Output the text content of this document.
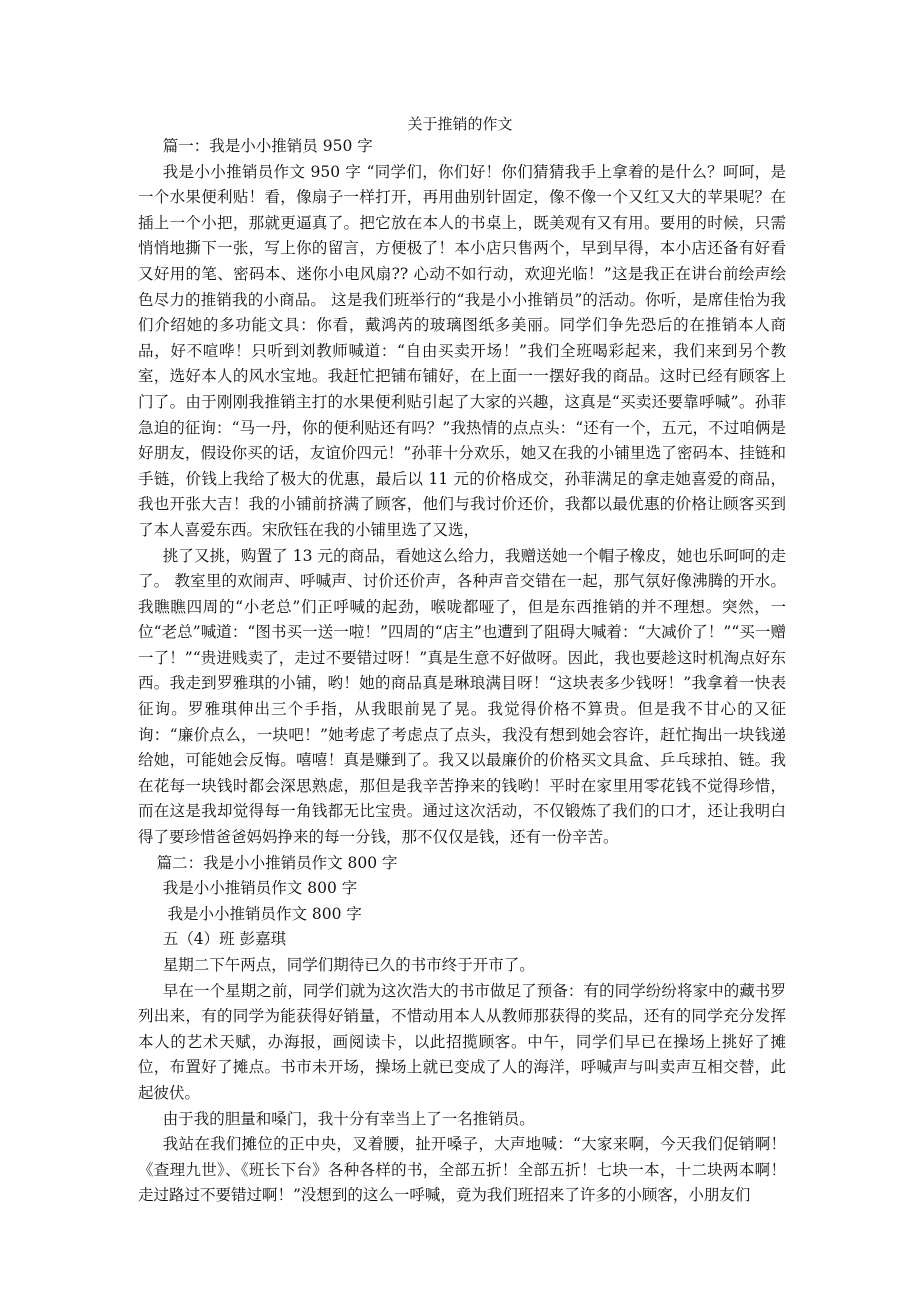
关于推销的作文

篇一：我是小小推销员 950 字

我是小小推销员作文 950 字 “同学们，你们好！你们猜猜我手上拿着的是什么？呵呵，是一个水果便利贴！看，像扇子一样打开，再用曲别针固定，像不像一个又红又大的苹果呢？在插上一个小把，那就更逼真了。把它放在本人的书桌上，既美观有又有用。要用的时候，只需悄悄地撕下一张，写上你的留言，方便极了！本小店只售两个，早到早得，本小店还备有好看又好用的笔、密码本、迷你小电风扇?? 心动不如行动，欢迎光临！”这是我正在讲台前绘声绘色尽力的推销我的小商品。 这是我们班举行的“我是小小推销员”的活动。你听，是席佳怡为我们介绍她的多功能文具：你看，戴鸿芮的玻璃图纸多美丽。同学们争先恐后的在推销本人商品，好不喧哗！只听到刘教师喊道：“自由买卖开场！”我们全班喝彩起来，我们来到另个教室，选好本人的风水宝地。我赶忙把铺布铺好，在上面一一摆好我的商品。这时已经有顾客上门了。由于刚刚我推销主打的水果便利贴引起了大家的兴趣，这真是“买卖还要靠呼喊”。孙菲急迫的征询：“马一丹，你的便利贴还有吗？”我热情的点点头：“还有一个，五元，不过咱俩是好朋友，假设你买的话，友谊价四元！”孙菲十分欢乐，她又在我的小铺里选了密码本、挂链和手链，价钱上我给了极大的优惠，最后以 11 元的价格成交，孙菲满足的拿走她喜爱的商品，我也开张大吉！我的小铺前挤满了顾客，他们与我讨价还价，我都以最优惠的价格让顾客买到了本人喜爱东西。宋欣钰在我的小铺里选了又选，

挑了又挑，购置了 13 元的商品，看她这么给力，我赠送她一个帽子橡皮，她也乐呵呵的走了。 教室里的欢闹声、呼喊声、讨价还价声，各种声音交错在一起，那气氛好像沸腾的开水。我瞧瞧四周的“小老总”们正呼喊的起劲，喉咙都哑了，但是东西推销的并不理想。突然，一位“老总”喊道：“图书买一送一啦！”四周的“店主”也遭到了阻碍大喊着：“大减价了！”“买一赠一了！”“贵进贱卖了，走过不要错过呀！”真是生意不好做呀。因此，我也要趁这时机淘点好东西。我走到罗雅琪的小铺，哟！她的商品真是琳琅满目呀！“这块表多少钱呀！”我拿着一快表征询。罗雅琪伸出三个手指，从我眼前晃了晃。我觉得价格不算贵。但是我不甘心的又征询：“廉价点么，一块吧！”她考虑了考虑点了点头，我没有想到她会容许，赶忙掏出一块钱递给她，可能她会反悔。嘻嘻！真是赚到了。我又以最廉价的价格买文具盒、乒乓球拍、链。我在花每一块钱时都会深思熟虑，那但是我辛苦挣来的钱哟！平时在家里用零花钱不觉得珍惜，而在这是我却觉得每一角钱都无比宝贵。通过这次活动，不仅锻炼了我们的口才，还让我明白得了要珍惜爸爸妈妈挣来的每一分钱，那不仅仅是钱，还有一份辛苦。

篇二：我是小小推销员作文 800 字

我是小小推销员作文 800 字

我是小小推销员作文 800 字

五（4）班 彭嘉琪

星期二下午两点，同学们期待已久的书市终于开市了。

早在一个星期之前，同学们就为这次浩大的书市做足了预备：有的同学纷纷将家中的藏书罗列出来，有的同学为能获得好销量，不惜动用本人从教师那获得的奖品，还有的同学充分发挥本人的艺术天赋，办海报，画阅读卡，以此招揽顾客。中午，同学们早已在操场上挑好了摊位，布置好了摊点。书市未开场，操场上就已变成了人的海洋，呼喊声与叫卖声互相交替，此起彼伏。

由于我的胆量和嗓门，我十分有幸当上了一名推销员。

我站在我们摊位的正中央，叉着腰，扯开嗓子，大声地喊：“大家来啊，今天我们促销啊！《查理九世》、《班长下台》各种各样的书，全部五折！全部五折！七块一本，十二块两本啊！走过路过不要错过啊！”没想到的这么一呼喊，竟为我们班招来了许多的小顾客，小朋友们
